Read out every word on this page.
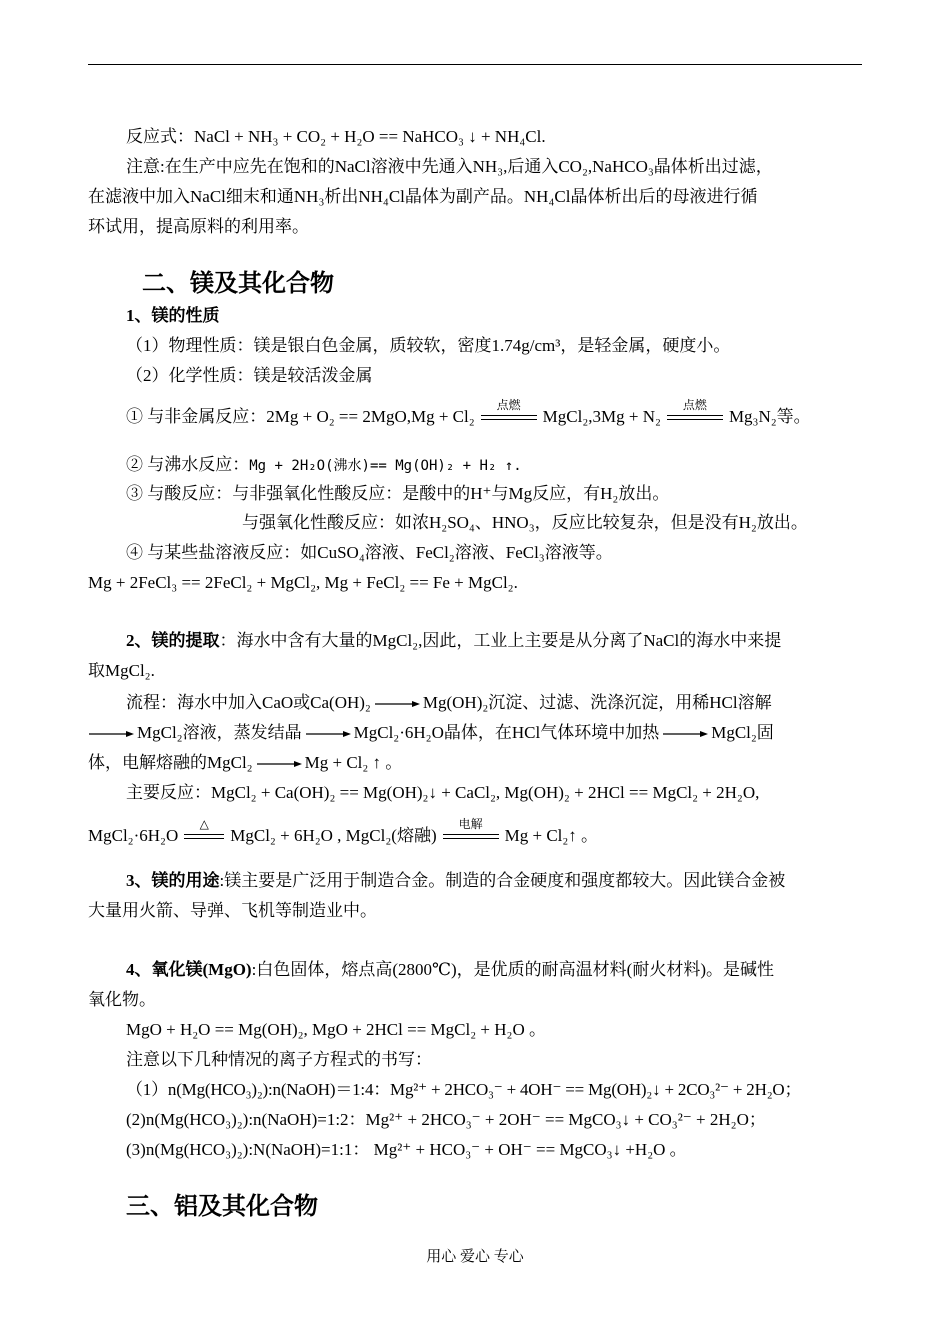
反应式：NaCl + NH₃ + CO₂ + H₂O == NaHCO₃ ↓ + NH₄Cl.
注意:在生产中应先在饱和的NaCl溶液中先通入NH₃,后通入CO₂,NaHCO₃晶体析出过滤，
在滤液中加入NaCl细末和通NH₃析出NH₄Cl晶体为副产品。NH₄Cl晶体析出后的母液进行循
环试用，提高原料的利用率。
二、镁及其化合物
1、镁的性质
（1）物理性质：镁是银白色金属，质较软，密度1.74g/cm³，是轻金属，硬度小。
（2）化学性质：镁是较活泼金属
① 与非金属反应：2Mg + O₂ == 2MgO,Mg + Cl₂
点燃
MgCl₂,3Mg + N₂
点燃
Mg₃N₂等。
② 与沸水反应：Mg + 2H₂O(沸水)== Mg(OH)₂ + H₂ ↑.
③ 与酸反应：与非强氧化性酸反应：是酸中的H⁺与Mg反应，有H₂放出。
与强氧化性酸反应：如浓H₂SO₄、HNO₃，反应比较复杂，但是没有H₂放出。
④ 与某些盐溶液反应：如CuSO₄溶液、FeCl₂溶液、FeCl₃溶液等。
Mg + 2FeCl₃ == 2FeCl₂ + MgCl₂, Mg + FeCl₂ == Fe + MgCl₂.
2、镁的提取：海水中含有大量的MgCl₂,因此，工业上主要是从分离了NaCl的海水中来提
取MgCl₂.
流程：海水中加入CaO或Ca(OH)₂	Mg(OH)₂沉淀、过滤、洗涤沉淀，用稀HCl溶解
MgCl₂溶液，蒸发结晶	MgCl₂·6H₂O晶体，在HCl气体环境中加热	MgCl₂固
体，电解熔融的MgCl₂	Mg + Cl₂ ↑ 。
主要反应：MgCl₂ + Ca(OH)₂ == Mg(OH)₂↓ + CaCl₂, Mg(OH)₂ + 2HCl == MgCl₂ + 2H₂O,
MgCl₂·6H₂O
△
MgCl₂ + 6H₂O , MgCl₂(熔融)
电解
Mg + Cl₂↑ 。
3、镁的用途:镁主要是广泛用于制造合金。制造的合金硬度和强度都较大。因此镁合金被
大量用火箭、导弹、飞机等制造业中。
4、氧化镁(MgO):白色固体，熔点高(2800℃)，是优质的耐高温材料(耐火材料)。是碱性
氧化物。
MgO + H₂O == Mg(OH)₂, MgO + 2HCl == MgCl₂ + H₂O 。
注意以下几种情况的离子方程式的书写：
（1）n(Mg(HCO₃)₂):n(NaOH)＝1:4：Mg²⁺ + 2HCO₃⁻ + 4OH⁻ == Mg(OH)₂↓ + 2CO₃²⁻ + 2H₂O；
(2)n(Mg(HCO₃)₂):n(NaOH)=1:2：Mg²⁺ + 2HCO₃⁻ + 2OH⁻ == MgCO₃↓ + CO₃²⁻ + 2H₂O；
(3)n(Mg(HCO₃)₂):N(NaOH)=1:1： Mg²⁺ + HCO₃⁻ + OH⁻ == MgCO₃↓ +H₂O 。
三、铝及其化合物
用心 爱心 专心
